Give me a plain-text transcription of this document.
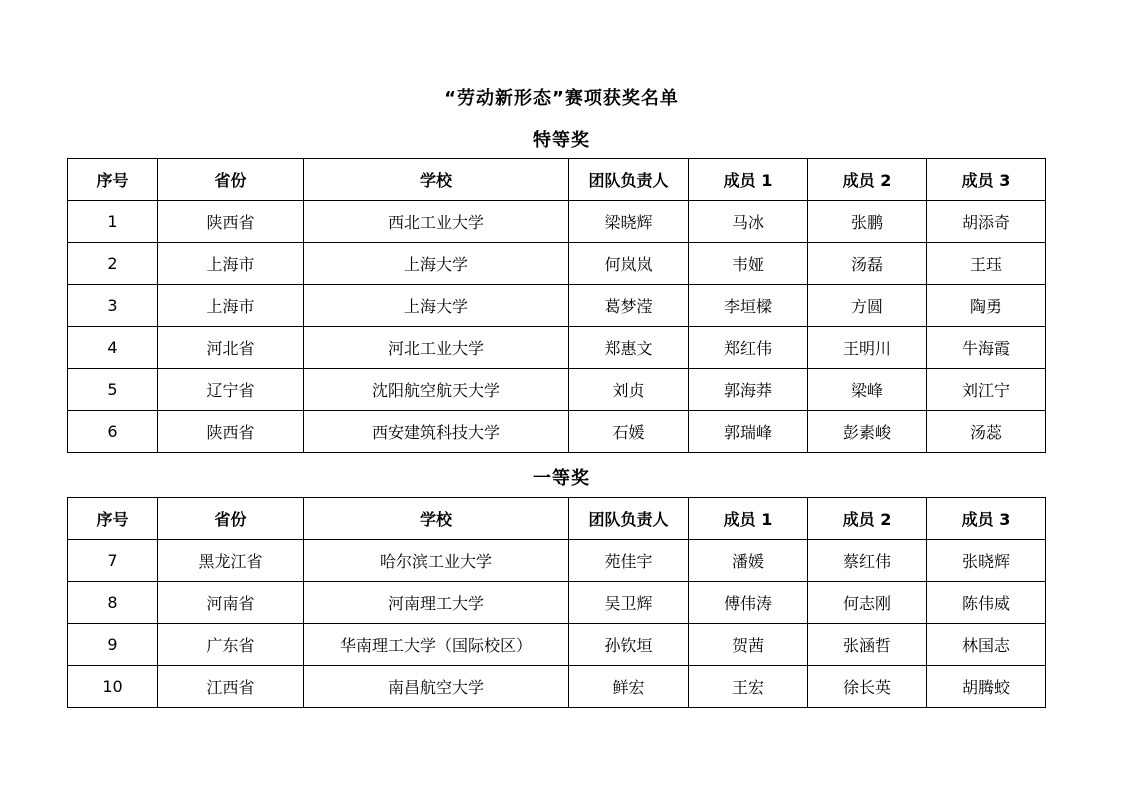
“劳动新形态”赛项获奖名单
特等奖
序号	省份	学校	团队负责人	成员 1	成员 2	成员 3
1	陕西省	西北工业大学	梁晓辉	马冰	张鹏	胡添奇
2	上海市	上海大学	何岚岚	韦娅	汤磊	王珏
3	上海市	上海大学	葛梦滢	李垣樑	方圆	陶勇
4	河北省	河北工业大学	郑惠文	郑红伟	王明川	牛海霞
5	辽宁省	沈阳航空航天大学	刘贞	郭海莽	梁峰	刘江宁
6	陕西省	西安建筑科技大学	石媛	郭瑞峰	彭素峻	汤蕊
一等奖
序号	省份	学校	团队负责人	成员 1	成员 2	成员 3
7	黑龙江省	哈尔滨工业大学	苑佳宇	潘媛	蔡红伟	张晓辉
8	河南省	河南理工大学	吴卫辉	傅伟涛	何志刚	陈伟威
9	广东省	华南理工大学（国际校区）	孙钦垣	贺茜	张涵哲	林国志
10	江西省	南昌航空大学	鲜宏	王宏	徐长英	胡腾蛟
